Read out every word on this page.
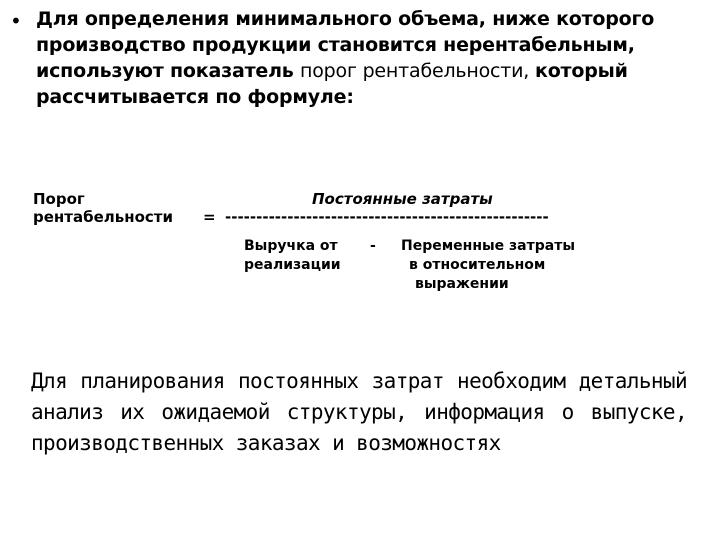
• Для определения минимального объема, ниже которого производство продукции становится нерентабельным, используют показатель порог рентабельности, который рассчитывается по формуле:
Порог
рентабельности = ----------------------------------------------------
Постоянные затраты
Выручка от
реализации
- Переменные затраты
в относительном
выражении
Для планирования постоянных затрат необходим детальный анализ их ожидаемой структуры, информация о выпуске, производственных заказах и возможностях
